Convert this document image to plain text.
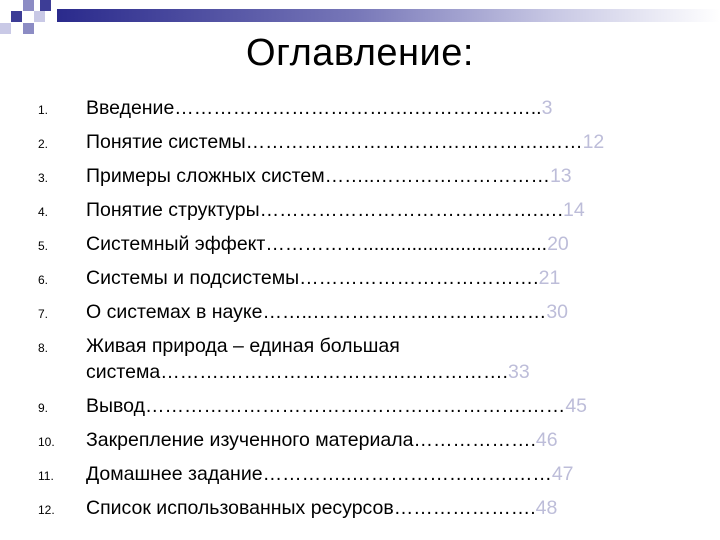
Оглавление:
1. Введение……………………………….………………..3
2. Понятие системы……………………………………….……12
3. Примеры сложных систем……..………………………13
4. Понятие структуры…………………………………….….14
5. Системный эффект……………..................................20
6. Системы и подсистемы……………………………….21
7. О системах в науке……..………………………………30
8. Живая природа – единая большая
система……….……………………….…………….33
9. Вывод…………………………….…………………….……45
10. Закрепление изученного материала……………….46
11. Домашнее задание…………..…………………….……47
12. Список использованных ресурсов………………….48
